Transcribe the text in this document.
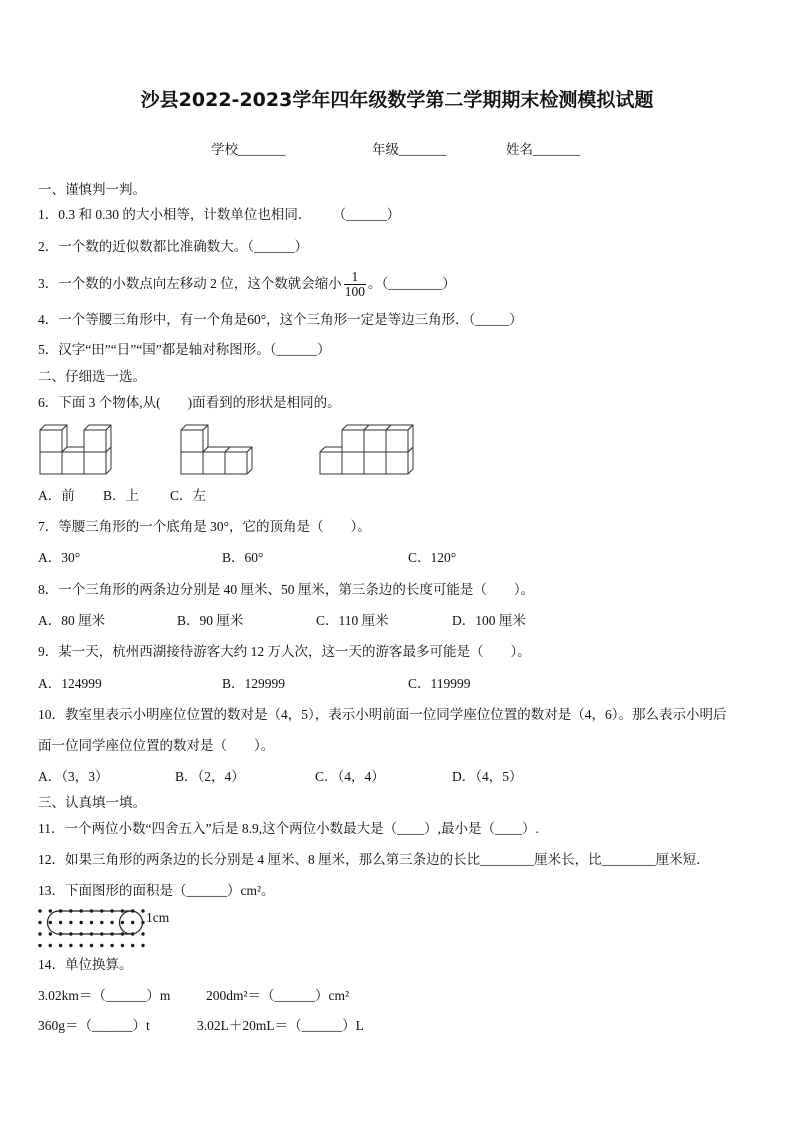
沙县2022-2023学年四年级数学第二学期期末检测模拟试题
学校_______	年级_______	姓名_______
一、谨慎判一判。
1．0.3 和 0.30 的大小相等，计数单位也相同． （______）
2．一个数的近似数都比准确数大。（______）
3． 一个数的小数点向左移动 2 位，这个数就会缩小 $\frac{1}{100}$ 。（________）
4．一个等腰三角形中，有一个角是60°，这个三角形一定是等边三角形．（_____）
5．汉字“田”“日”“国”都是轴对称图形。（______）
二、仔细选一选。
6．下面 3 个物体,从(　　)面看到的形状是相同的。
A．前 B．上 C．左
7．等腰三角形的一个底角是 30°，它的顶角是（　　）。
A．30°	B．60°	C．120°
8．一个三角形的两条边分别是 40 厘米、50 厘米，第三条边的长度可能是（　　）。
A．80 厘米	B．90 厘米	C．110 厘米	D．100 厘米
9．某一天，杭州西湖接待游客大约 12 万人次，这一天的游客最多可能是（　　）。
A．124999	B．129999	C．119999
10．教室里表示小明座位位置的数对是（4，5），表示小明前面一位同学座位位置的数对是（4，6）。那么表示小明后
面一位同学座位位置的数对是（　　）。
A．（3，3）	B．（2，4）	C．（4，4）	D．（4，5）
三、认真填一填。
11．一个两位小数“四舍五入”后是 8.9,这个两位小数最大是（____）,最小是（____）.
12．如果三角形的两条边的长分别是 4 厘米、8 厘米，那么第三条边的长比________厘米长，比________厘米短．
13．下面图形的面积是（______）cm²。
1cm
14．单位换算。
3.02km＝（______）m	200dm²＝（______）cm²
360g＝（______）t	3.02L＋20mL＝（______）L
